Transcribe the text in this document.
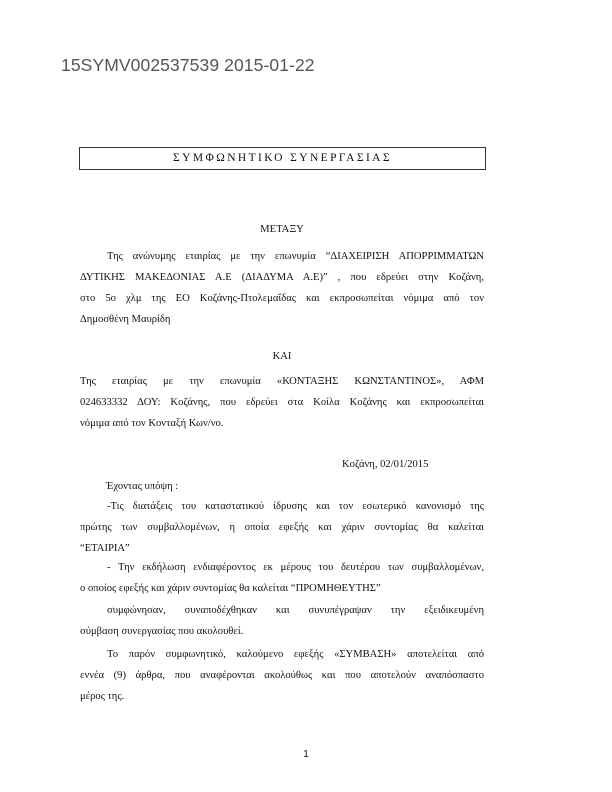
15SYMV002537539 2015-01-22
ΣΥΜΦΩΝΗΤΙΚΟ ΣΥΝΕΡΓΑΣΙΑΣ
ΜΕΤΑΞΥ
Της ανώνυμης εταιρίας με την επωνυμία “ΔΙΑΧΕΙΡΙΣΗ ΑΠΟΡΡΙΜΜΑΤΩΝ
ΔΥΤΙΚΗΣ ΜΑΚΕΔΟΝΙΑΣ Α.Ε (ΔΙΑΔΥΜΑ Α.Ε)” , που εδρεύει στην Κοζάνη,
στο 5ο χλμ της ΕΟ Κοζάνης-Πτολεμαΐδας και εκπροσωπείται νόμιμα από τον
Δημοσθένη Μαυρίδη
ΚΑΙ
Της εταιρίας με την επωνυμία «ΚΟΝΤΑΞΗΣ ΚΩΝΣΤΑΝΤΙΝΟΣ», ΑΦΜ
024633332 ΔΟΥ: Κοζάνης, που εδρεύει στα Κοίλα Κοζάνης και εκπροσωπείται
νόμιμα από τον Κονταξή Κων/νο.
Κοζάνη, 02/01/2015
Έχοντας υπόψη :
-Τις διατάξεις του καταστατικού ίδρυσης και τον εσωτερικό κανονισμό της
πρώτης των συμβαλλομένων, η οποία εφεξής και χάριν συντομίας θα καλείται
“ΕΤΑΙΡΙΑ”
- Την εκδήλωση ενδιαφέροντος εκ μέρους του δευτέρου των συμβαλλομένων,
ο οποίος εφεξής και χάριν συντομίας θα καλείται “ΠΡΟΜΗΘΕΥΤΗΣ”
συμφώνησαν, συναποδέχθηκαν και συνυπέγραψαν την εξειδικευμένη
σύμβαση συνεργασίας που ακολουθεί.
Το παρόν συμφωνητικό, καλούμενο εφεξής «ΣΥΜΒΑΣΗ» αποτελείται από
εννέα (9) άρθρα, που αναφέρονται ακολούθως και που αποτελούν αναπόσπαστο
μέρος της.
1
